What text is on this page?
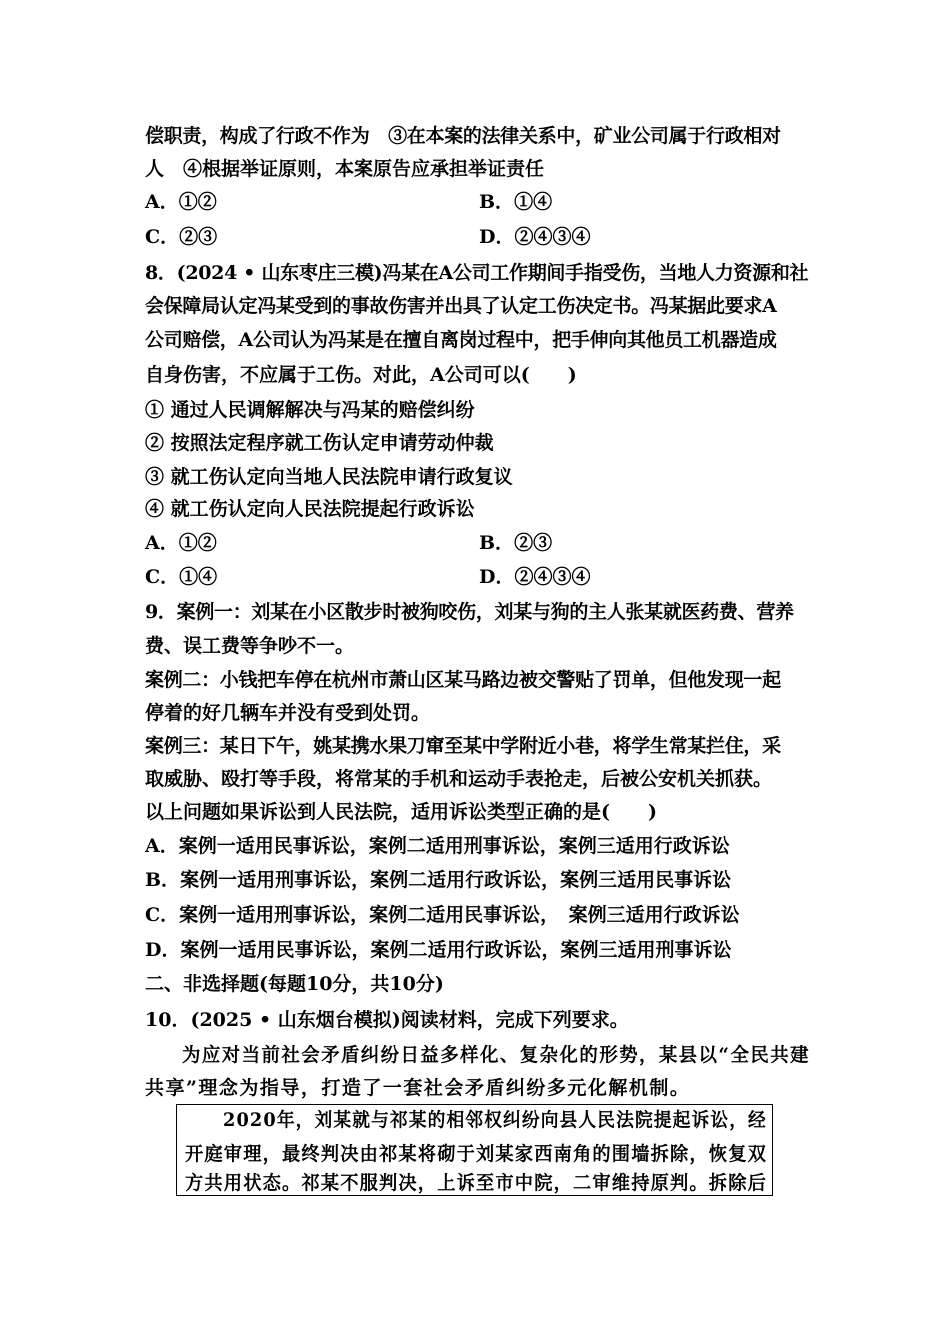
偿职责，构成了行政不作为　③在本案的法律关系中，矿业公司属于行政相对
人　④根据举证原则，本案原告应承担举证责任
A．①②	B．①④
C．②③	D．②④③④
8．(2024 • 山东枣庄三模)冯某在A公司工作期间手指受伤，当地人力资源和社
会保障局认定冯某受到的事故伤害并出具了认定工伤决定书。冯某据此要求A
公司赔偿，A公司认为冯某是在擅自离岗过程中，把手伸向其他员工机器造成
自身伤害，不应属于工伤。对此，A公司可以(　　)
① 通过人民调解解决与冯某的赔偿纠纷
② 按照法定程序就工伤认定申请劳动仲裁
③ 就工伤认定向当地人民法院申请行政复议
④ 就工伤认定向人民法院提起行政诉讼
A．①②	B．②③
C．①④	D．②④③④
9．案例一：刘某在小区散步时被狗咬伤，刘某与狗的主人张某就医药费、营养
费、误工费等争吵不一。
案例二：小钱把车停在杭州市萧山区某马路边被交警贴了罚单，但他发现一起
停着的好几辆车并没有受到处罚。
案例三：某日下午，姚某携水果刀窜至某中学附近小巷，将学生常某拦住，采
取威胁、殴打等手段，将常某的手机和运动手表抢走，后被公安机关抓获。
以上问题如果诉讼到人民法院，适用诉讼类型正确的是(　　)
A．案例一适用民事诉讼，案例二适用刑事诉讼，案例三适用行政诉讼
B．案例一适用刑事诉讼，案例二适用行政诉讼，案例三适用民事诉讼
C．案例一适用刑事诉讼，案例二适用民事诉讼，　案例三适用行政诉讼
D．案例一适用民事诉讼，案例二适用行政诉讼，案例三适用刑事诉讼
二、非选择题(每题10分，共10分)
10．(2025 • 山东烟台模拟)阅读材料，完成下列要求。
为应对当前社会矛盾纠纷日益多样化、复杂化的形势，某县以“全民共建
共享”理念为指导，打造了一套社会矛盾纠纷多元化解机制。
2020年，刘某就与祁某的相邻权纠纷向县人民法院提起诉讼，经
开庭审理，最终判决由祁某将砌于刘某家西南角的围墙拆除，恢复双
方共用状态。祁某不服判决，上诉至市中院，二审维持原判。拆除后
